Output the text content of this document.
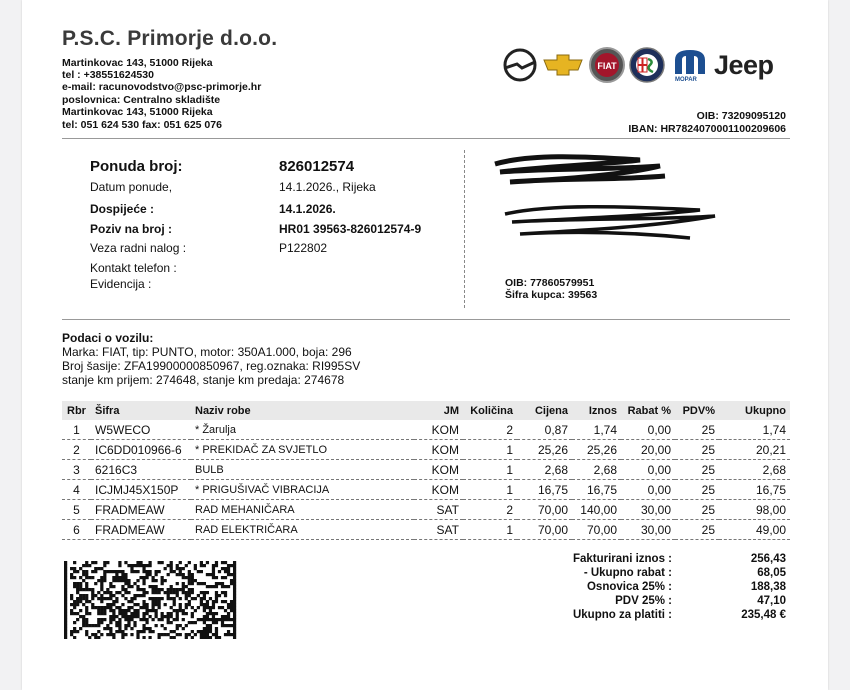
P.S.C. Primorje d.o.o.
Martinkovac 143, 51000 Rijeka
tel : +38551624530
e-mail: racunovodstvo@psc-primorje.hr
poslovnica: Centralno skladište
Martinkovac 143, 51000 Rijeka
tel: 051 624 530 fax: 051 625 076
FIAT
MOPAR Jeep
OIB: 73209095120
IBAN: HR7824070001100209606
Ponuda broj:	826012574
Datum ponude,	14.1.2026., Rijeka
Dospijeće :	14.1.2026.
Poziv na broj :	HR01 39563-826012574-9
Veza radni nalog :	P122802
Kontakt telefon :
Evidencija :	OIB: 77860579951
Šifra kupca: 39563
Podaci o vozilu:
Marka: FIAT, tip: PUNTO, motor: 350A1.000, boja: 296
Broj šasije: ZFA19900000850967, reg.oznaka: RI995SV
stanje km prijem: 274648, stanje km predaja: 274678
Rbr	Šifra	Naziv robe	JM	Količina	Cijena	Iznos	Rabat %	PDV%	Ukupno
1	W5WECO	* Žarulja	KOM	2	0,87	1,74	0,00	25	1,74
2	IC6DD010966-6	* PREKIDAČ ZA SVJETLO	KOM	1	25,26	25,26	20,00	25	20,21
3	6216C3	BULB	KOM	1	2,68	2,68	0,00	25	2,68
4	ICJMJ45X150P	* PRIGUŠIVAČ VIBRACIJA	KOM	1	16,75	16,75	0,00	25	16,75
5	FRADMEAW	RAD MEHANIČARA	SAT	2	70,00	140,00	30,00	25	98,00
6	FRADMEAW	RAD ELEKTRIČARA	SAT	1	70,00	70,00	30,00	25	49,00
Fakturirani iznos :	256,43
- Ukupno rabat :	68,05
Osnovica 25% :	188,38
PDV 25% :	47,10
Ukupno za platiti :	235,48 €
